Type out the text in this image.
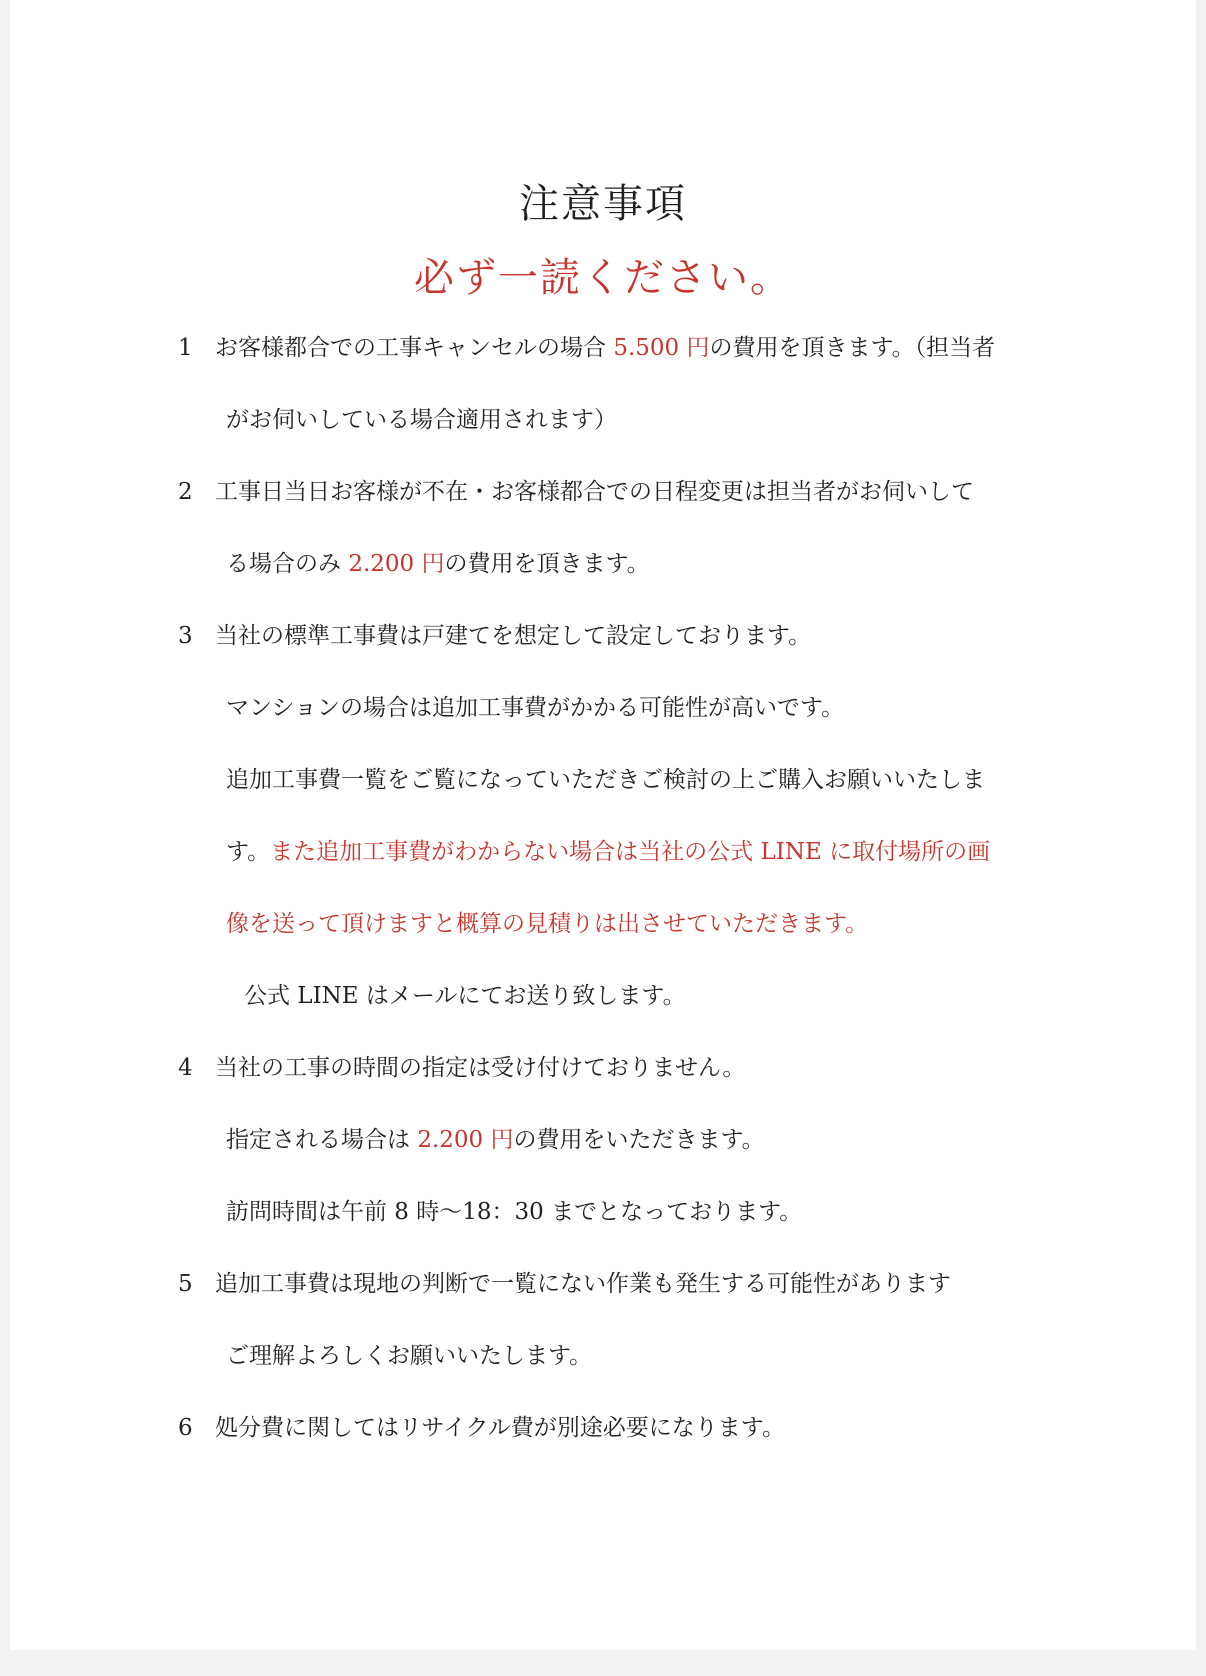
注意事項
必ず一読ください。
1 お客様都合での工事キャンセルの場合 5.500 円の費用を頂きます。（担当者
がお伺いしている場合適用されます）
2 工事日当日お客様が不在・お客様都合での日程変更は担当者がお伺いして
る場合のみ 2.200 円の費用を頂きます。
3 当社の標準工事費は戸建てを想定して設定しております。
マンションの場合は追加工事費がかかる可能性が高いです。
追加工事費一覧をご覧になっていただきご検討の上ご購入お願いいたしま
す。また追加工事費がわからない場合は当社の公式 LINE に取付場所の画
像を送って頂けますと概算の見積りは出させていただきます。
公式 LINE はメールにてお送り致します。
4 当社の工事の時間の指定は受け付けておりません。
指定される場合は 2.200 円の費用をいただきます。
訪問時間は午前 8 時～18：30 までとなっております。
5 追加工事費は現地の判断で一覧にない作業も発生する可能性があります
ご理解よろしくお願いいたします。
6 処分費に関してはリサイクル費が別途必要になります。
